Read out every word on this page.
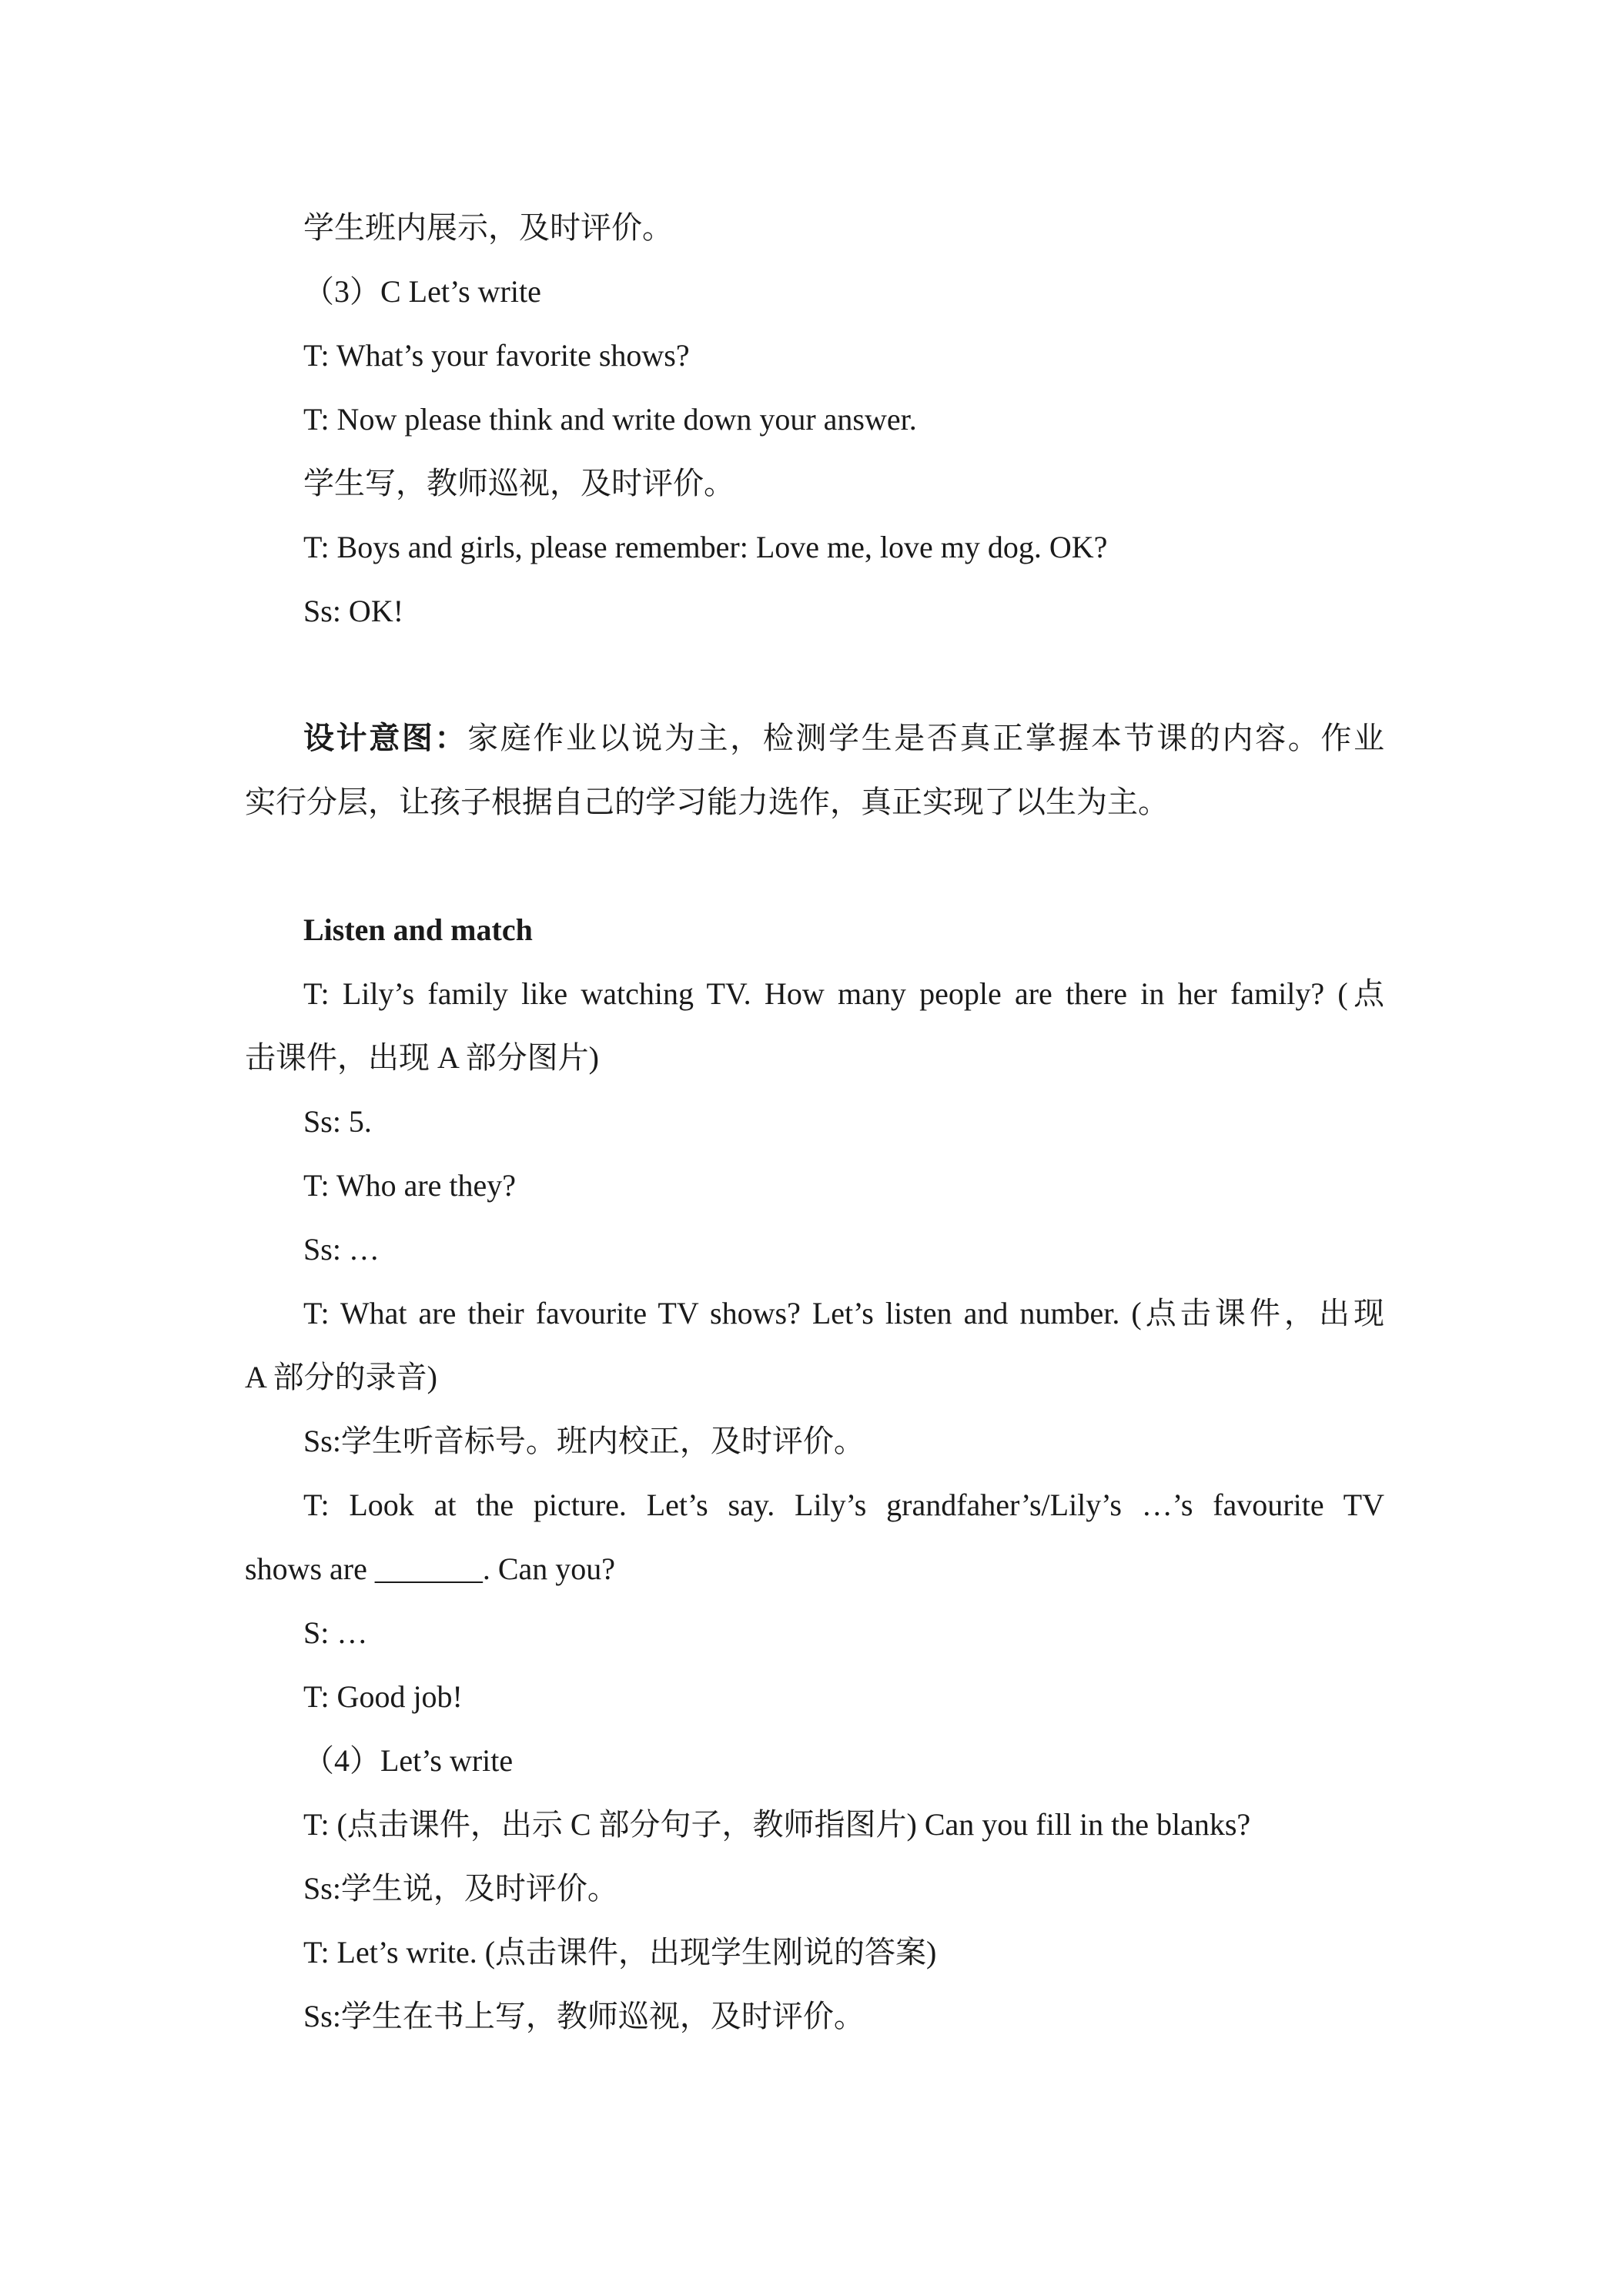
学生班内展示，及时评价。
（3）C Let’s write
T: What’s your favorite shows?
T: Now please think and write down your answer.
学生写，教师巡视，及时评价。
T: Boys and girls, please remember: Love me, love my dog. OK?
Ss: OK!
设计意图：家庭作业以说为主，检测学生是否真正掌握本节课的内容。作业
实行分层，让孩子根据自己的学习能力选作，真正实现了以生为主。
Listen and match
T: Lily’s family like watching TV. How many people are there in her family? (点
击课件，出现 A 部分图片)
Ss: 5.
T: Who are they?
Ss: …
T: What are their favourite TV shows? Let’s listen and number. (点击课件，出现
A 部分的录音)
Ss:学生听音标号。班内校正，及时评价。
T: Look at the picture. Let’s say. Lily’s grandfaher’s/Lily’s …’s favourite TV
shows are _______. Can you?
S: …
T: Good job!
（4）Let’s write
T: (点击课件，出示 C 部分句子，教师指图片) Can you fill in the blanks?
Ss:学生说，及时评价。
T: Let’s write. (点击课件，出现学生刚说的答案)
Ss:学生在书上写，教师巡视，及时评价。
